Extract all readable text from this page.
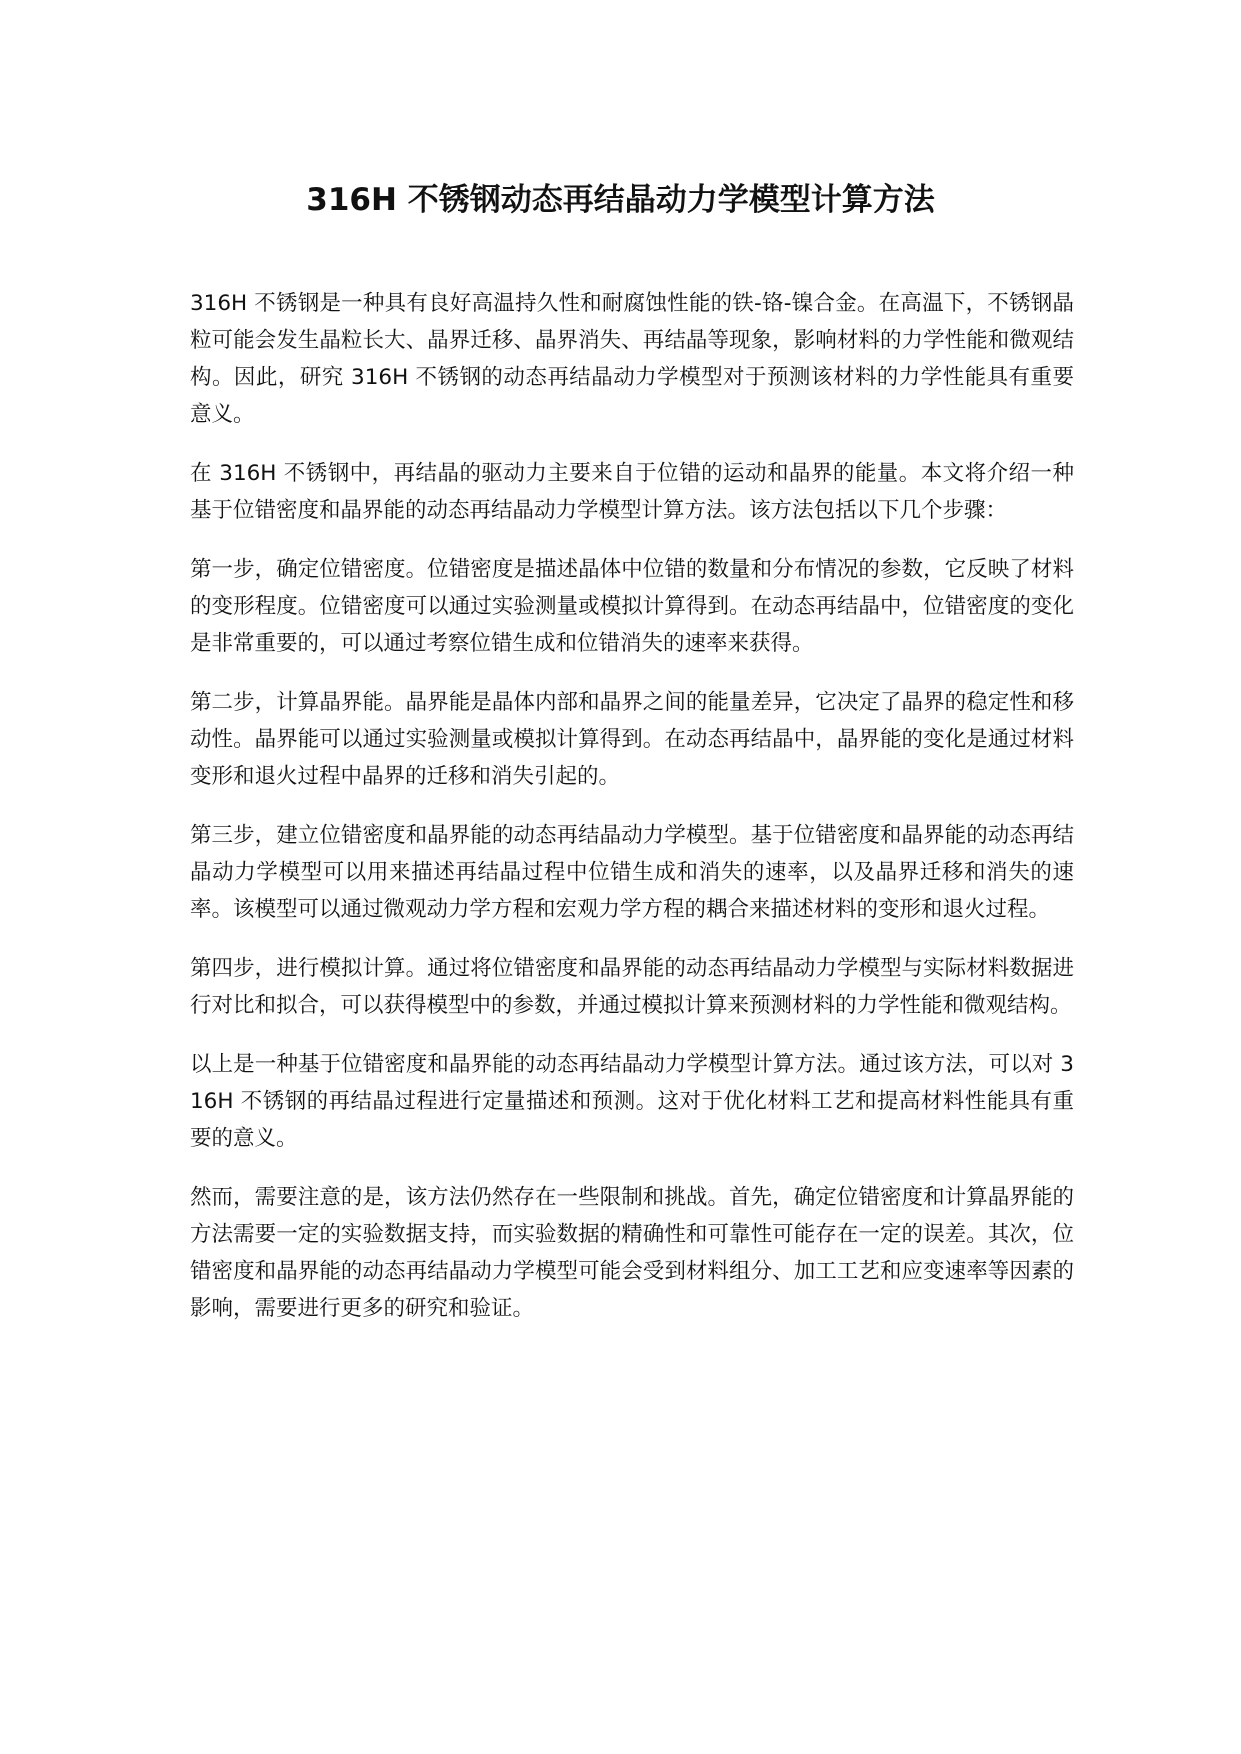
316H 不锈钢动态再结晶动力学模型计算方法

316H 不锈钢是一种具有良好高温持久性和耐腐蚀性能的铁-铬-镍合金。在高温下，不锈钢晶粒可能会发生晶粒长大、晶界迁移、晶界消失、再结晶等现象，影响材料的力学性能和微观结构。因此，研究 316H 不锈钢的动态再结晶动力学模型对于预测该材料的力学性能具有重要意义。

在 316H 不锈钢中，再结晶的驱动力主要来自于位错的运动和晶界的能量。本文将介绍一种基于位错密度和晶界能的动态再结晶动力学模型计算方法。该方法包括以下几个步骤：

第一步，确定位错密度。位错密度是描述晶体中位错的数量和分布情况的参数，它反映了材料的变形程度。位错密度可以通过实验测量或模拟计算得到。在动态再结晶中，位错密度的变化是非常重要的，可以通过考察位错生成和位错消失的速率来获得。

第二步，计算晶界能。晶界能是晶体内部和晶界之间的能量差异，它决定了晶界的稳定性和移动性。晶界能可以通过实验测量或模拟计算得到。在动态再结晶中，晶界能的变化是通过材料变形和退火过程中晶界的迁移和消失引起的。

第三步，建立位错密度和晶界能的动态再结晶动力学模型。基于位错密度和晶界能的动态再结晶动力学模型可以用来描述再结晶过程中位错生成和消失的速率，以及晶界迁移和消失的速率。该模型可以通过微观动力学方程和宏观力学方程的耦合来描述材料的变形和退火过程。

第四步，进行模拟计算。通过将位错密度和晶界能的动态再结晶动力学模型与实际材料数据进行对比和拟合，可以获得模型中的参数，并通过模拟计算来预测材料的力学性能和微观结构。

以上是一种基于位错密度和晶界能的动态再结晶动力学模型计算方法。通过该方法，可以对 316H 不锈钢的再结晶过程进行定量描述和预测。这对于优化材料工艺和提高材料性能具有重要的意义。

然而，需要注意的是，该方法仍然存在一些限制和挑战。首先，确定位错密度和计算晶界能的方法需要一定的实验数据支持，而实验数据的精确性和可靠性可能存在一定的误差。其次，位错密度和晶界能的动态再结晶动力学模型可能会受到材料组分、加工工艺和应变速率等因素的影响，需要进行更多的研究和验证。
